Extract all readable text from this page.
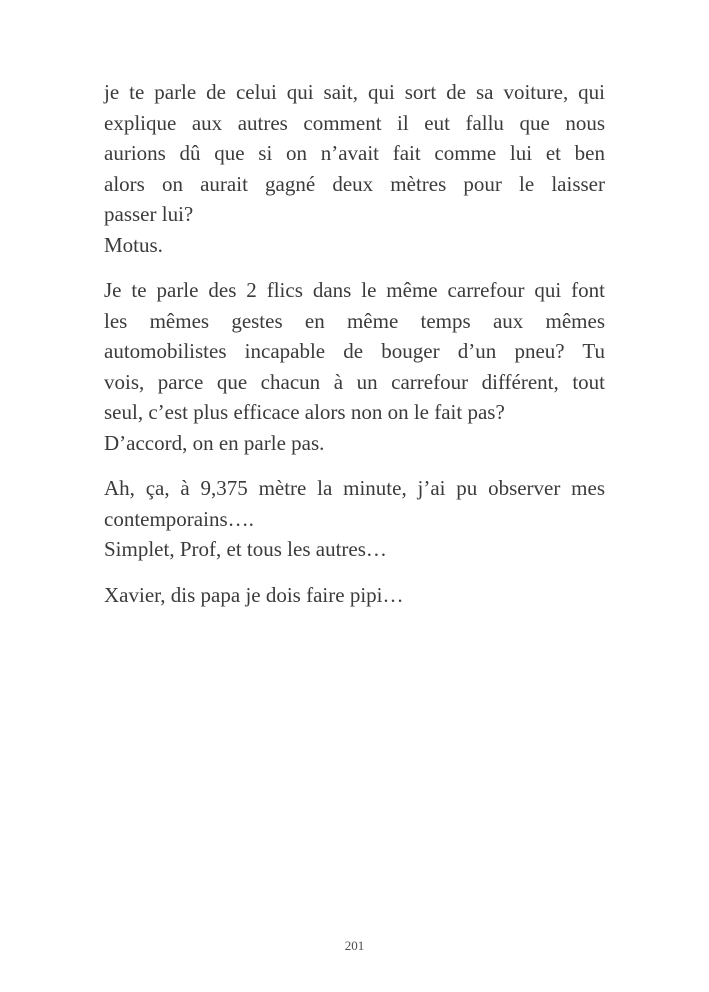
je te parle de celui qui sait, qui sort de sa voiture, qui
explique aux autres comment il eut fallu que nous
aurions dû que si on n’avait fait comme lui et ben
alors on aurait gagné deux mètres pour le laisser
passer lui?
Motus.
Je te parle des 2 flics dans le même carrefour qui font
les mêmes gestes en même temps aux mêmes
automobilistes incapable de bouger d’un pneu? Tu
vois, parce que chacun à un carrefour différent, tout
seul, c’est plus efficace alors non on le fait pas?
D’accord, on en parle pas.
Ah, ça, à 9,375 mètre la minute, j’ai pu observer mes
contemporains….
Simplet, Prof, et tous les autres…
Xavier, dis papa je dois faire pipi…
201
